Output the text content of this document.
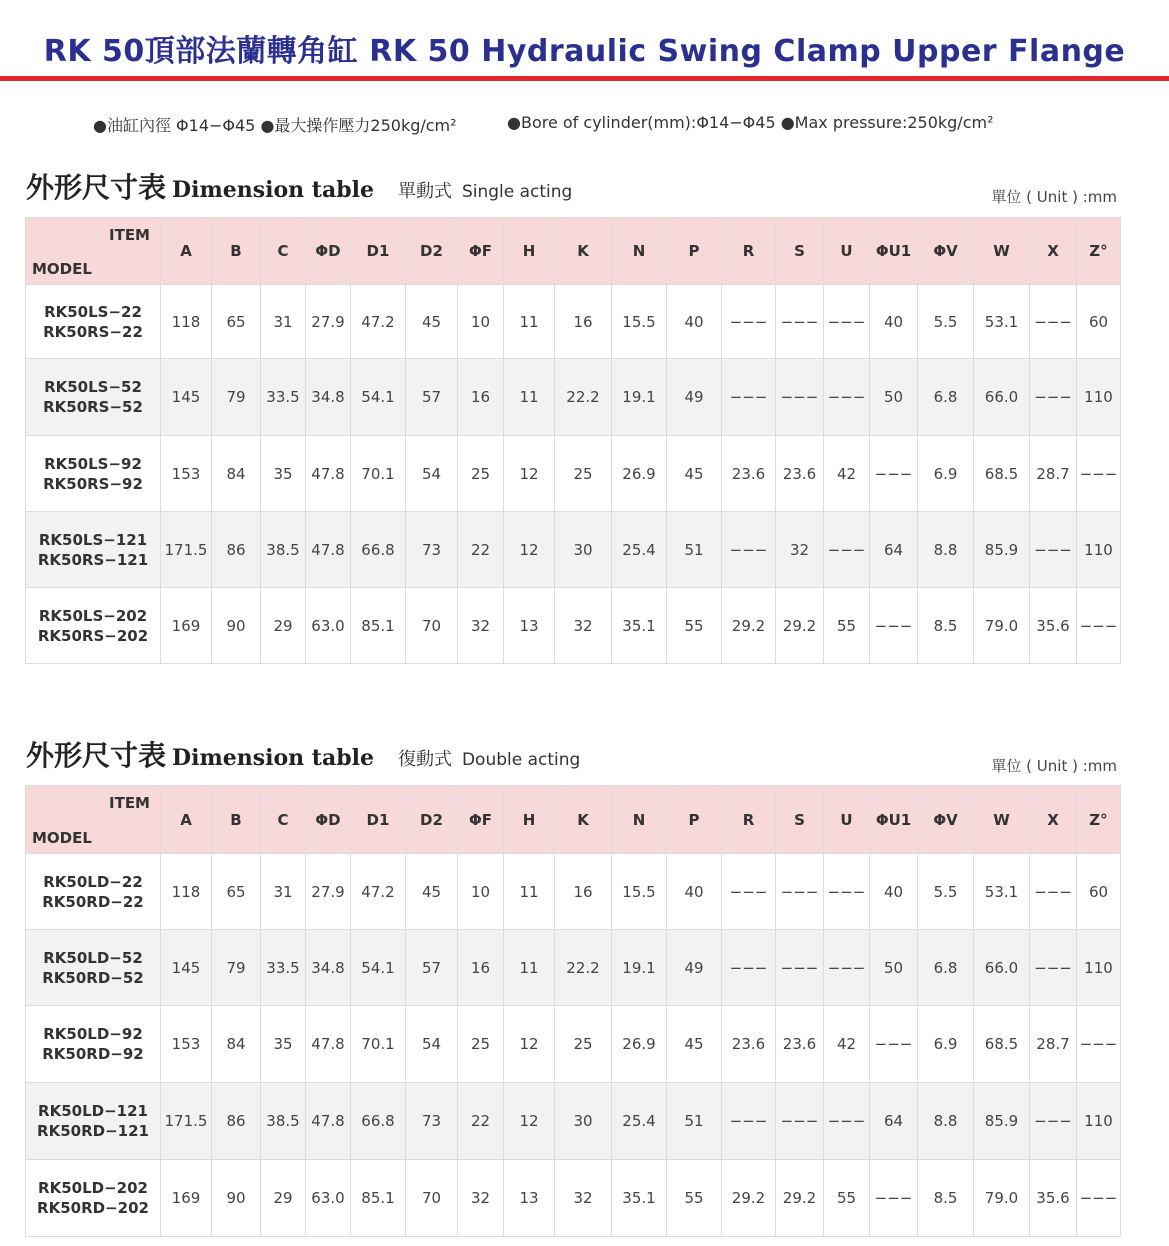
RK 50頂部法蘭轉角缸 RK 50 Hydraulic Swing Clamp Upper Flange
●油缸內徑 Φ14−Φ45 ●最大操作壓力250kg/cm²	●Bore of cylinder(mm):Φ14−Φ45 ●Max pressure:250kg/cm²
外形尺寸表 Dimension table 單動式 Single acting	單位 ( Unit ) :mm
ITEM
MODEL	A	B	C	ΦD	D1	D2	ΦF	H	K	N	P	R	S	U	ΦU1	ΦV	W	X	Z°

RK50LS−22
RK50RS−22	118	65	31	27.9	47.2	45	10	11	16	15.5	40	−−−	−−−	−−−	40	5.5	53.1	−−−	60

RK50LS−52
RK50RS−52	145	79	33.5	34.8	54.1	57	16	11	22.2	19.1	49	−−−	−−−	−−−	50	6.8	66.0	−−−	110

RK50LS−92
RK50RS−92	153	84	35	47.8	70.1	54	25	12	25	26.9	45	23.6	23.6	42	−−−	6.9	68.5	28.7	−−−

RK50LS−121
RK50RS−121	171.5	86	38.5	47.8	66.8	73	22	12	30	25.4	51	−−−	32	−−−	64	8.8	85.9	−−−	110

RK50LS−202
RK50RS−202	169	90	29	63.0	85.1	70	32	13	32	35.1	55	29.2	29.2	55	−−−	8.5	79.0	35.6	−−−
外形尺寸表 Dimension table 復動式 Double acting	單位 ( Unit ) :mm
ITEM
MODEL	A	B	C	ΦD	D1	D2	ΦF	H	K	N	P	R	S	U	ΦU1	ΦV	W	X	Z°

RK50LD−22
RK50RD−22	118	65	31	27.9	47.2	45	10	11	16	15.5	40	−−−	−−−	−−−	40	5.5	53.1	−−−	60

RK50LD−52
RK50RD−52	145	79	33.5	34.8	54.1	57	16	11	22.2	19.1	49	−−−	−−−	−−−	50	6.8	66.0	−−−	110

RK50LD−92
RK50RD−92	153	84	35	47.8	70.1	54	25	12	25	26.9	45	23.6	23.6	42	−−−	6.9	68.5	28.7	−−−

RK50LD−121
RK50RD−121	171.5	86	38.5	47.8	66.8	73	22	12	30	25.4	51	−−−	−−−	−−−	64	8.8	85.9	−−−	110

RK50LD−202
RK50RD−202	169	90	29	63.0	85.1	70	32	13	32	35.1	55	29.2	29.2	55	−−−	8.5	79.0	35.6	−−−
